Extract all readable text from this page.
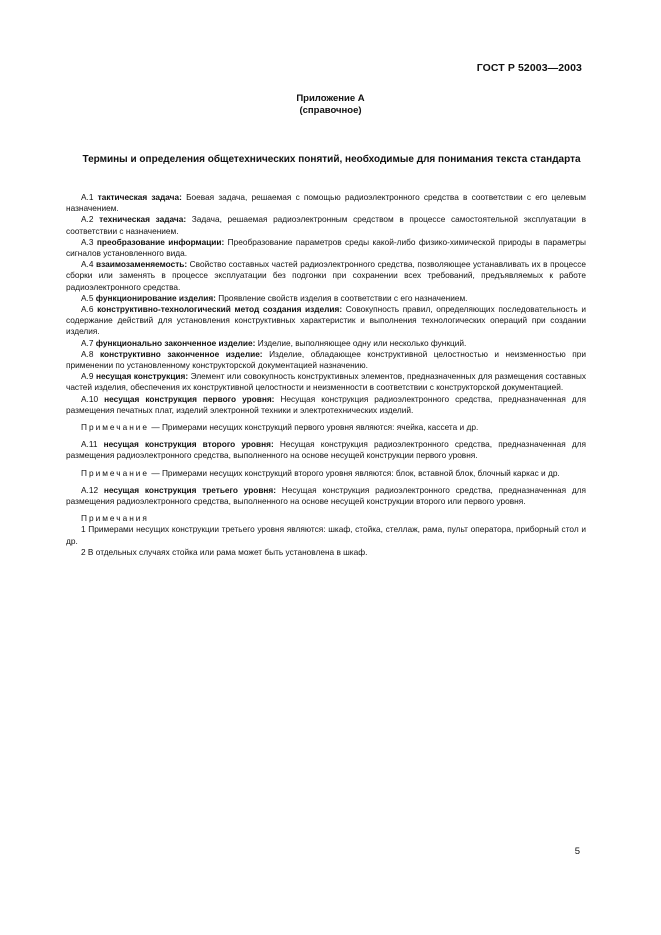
ГОСТ Р 52003—2003
Приложение А
(справочное)
Термины и определения общетехнических понятий, необходимые для понимания текста стандарта

А.1 тактическая задача: Боевая задача, решаемая с помощью радиоэлектронного средства в соответствии с его целевым назначением.

А.2 техническая задача: Задача, решаемая радиоэлектронным средством в процессе самостоятельной эксплуатации в соответствии с назначением.

А.3 преобразование информации: Преобразование параметров среды какой-либо физико-химической природы в параметры сигналов установленного вида.

А.4 взаимозаменяемость: Свойство составных частей радиоэлектронного средства, позволяющее устанавливать их в процессе сборки или заменять в процессе эксплуатации без подгонки при сохранении всех требований, предъявляемых к работе радиоэлектронного средства.

А.5 функционирование изделия: Проявление свойств изделия в соответствии с его назначением.

А.6 конструктивно-технологический метод создания изделия: Совокупность правил, определяющих последовательность и содержание действий для установления конструктивных характеристик и выполнения технологических операций при создании изделия.

А.7 функционально законченное изделие: Изделие, выполняющее одну или несколько функций.

А.8 конструктивно законченное изделие: Изделие, обладающее конструктивной целостностью и неизменностью при применении по установленному конструкторской документацией назначению.

А.9 несущая конструкция: Элемент или совокупность конструктивных элементов, предназначенных для размещения составных частей изделия, обеспечения их конструктивной целостности и неизменности в соответствии с конструкторской документацией.

А.10 несущая конструкция первого уровня: Несущая конструкция радиоэлектронного средства, предназначенная для размещения печатных плат, изделий электронной техники и электротехнических изделий.

Примечание — Примерами несущих конструкций первого уровня являются: ячейка, кассета и др.

А.11 несущая конструкция второго уровня: Несущая конструкция радиоэлектронного средства, предназначенная для размещения радиоэлектронного средства, выполненного на основе несущей конструкции первого уровня.

Примечание — Примерами несущих конструкций второго уровня являются: блок, вставной блок, блочный каркас и др.

А.12 несущая конструкция третьего уровня: Несущая конструкция радиоэлектронного средства, предназначенная для размещения радиоэлектронного средства, выполненного на основе несущей конструкции второго или первого уровня.

Примечания

1 Примерами несущих конструкции третьего уровня являются: шкаф, стойка, стеллаж, рама, пульт оператора, приборный стол и др.

2 В отдельных случаях стойка или рама может быть установлена в шкаф.

5
